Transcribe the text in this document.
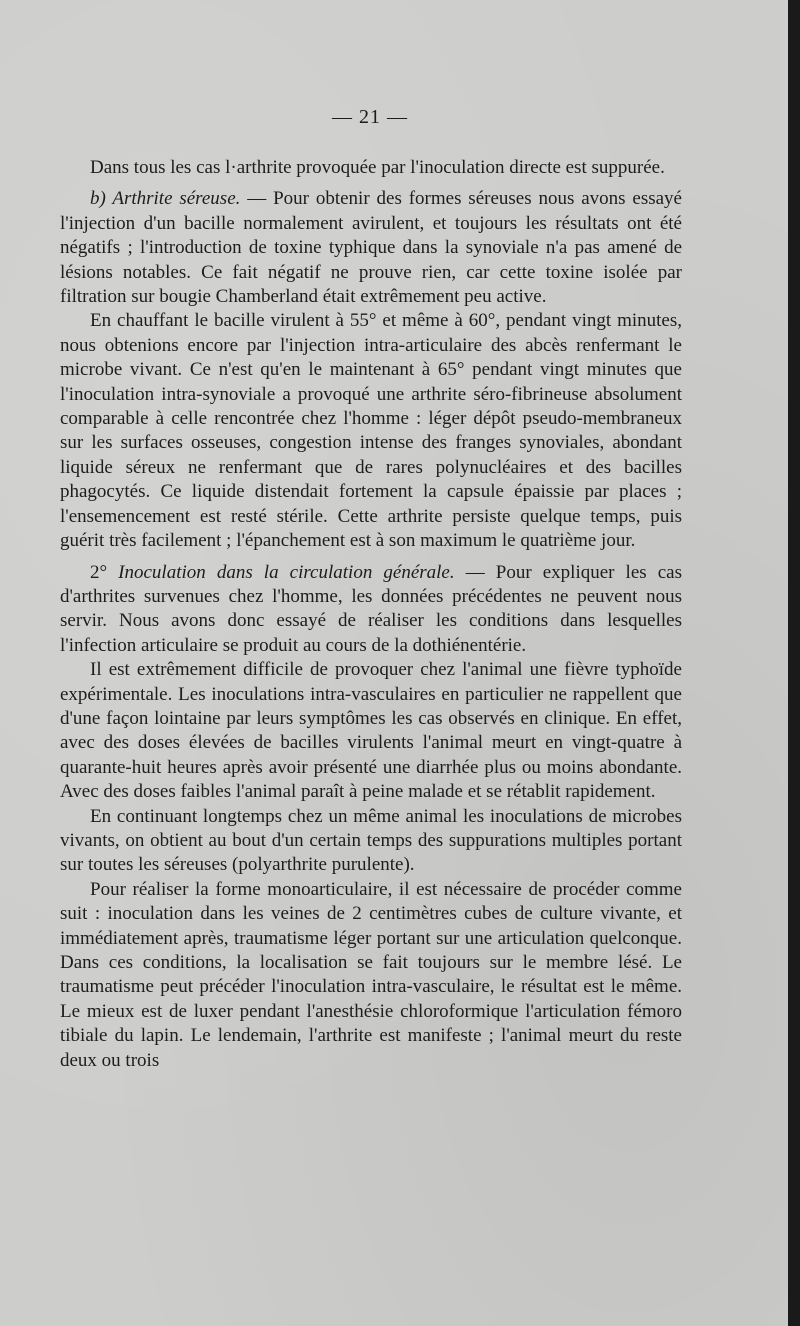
— 21 —

Dans tous les cas l·arthrite provoquée par l'inoculation directe est suppurée.

b) Arthrite séreuse. — Pour obtenir des formes séreuses nous avons essayé l'injection d'un bacille normalement avirulent, et toujours les résultats ont été négatifs ; l'introduction de toxine typhique dans la synoviale n'a pas amené de lésions notables. Ce fait négatif ne prouve rien, car cette toxine isolée par filtration sur bougie Chamberland était extrêmement peu active.

En chauffant le bacille virulent à 55° et même à 60°, pendant vingt minutes, nous obtenions encore par l'injection intra-articulaire des abcès renfermant le microbe vivant. Ce n'est qu'en le maintenant à 65° pendant vingt minutes que l'inoculation intra-synoviale a provoqué une arthrite séro-fibrineuse absolument comparable à celle rencontrée chez l'homme : léger dépôt pseudo-membraneux sur les surfaces osseuses, congestion intense des franges synoviales, abondant liquide séreux ne renfermant que de rares polynucléaires et des bacilles phagocytés. Ce liquide distendait fortement la capsule épaissie par places ; l'ensemencement est resté stérile. Cette arthrite persiste quelque temps, puis guérit très facilement ; l'épanchement est à son maximum le quatrième jour.

2° Inoculation dans la circulation générale. — Pour expliquer les cas d'arthrites survenues chez l'homme, les données précédentes ne peuvent nous servir. Nous avons donc essayé de réaliser les conditions dans lesquelles l'infection articulaire se produit au cours de la dothiénentérie.

Il est extrêmement difficile de provoquer chez l'animal une fièvre typhoïde expérimentale. Les inoculations intra-vasculaires en particulier ne rappellent que d'une façon lointaine par leurs symptômes les cas observés en clinique. En effet, avec des doses élevées de bacilles virulents l'animal meurt en vingt-quatre à quarante-huit heures après avoir présenté une diarrhée plus ou moins abondante. Avec des doses faibles l'animal paraît à peine malade et se rétablit rapidement.

En continuant longtemps chez un même animal les inoculations de microbes vivants, on obtient au bout d'un certain temps des suppurations multiples portant sur toutes les séreuses (polyarthrite purulente).

Pour réaliser la forme monoarticulaire, il est nécessaire de procéder comme suit : inoculation dans les veines de 2 centimètres cubes de culture vivante, et immédiatement après, traumatisme léger portant sur une articulation quelconque. Dans ces conditions, la localisation se fait toujours sur le membre lésé. Le traumatisme peut précéder l'inoculation intra-vasculaire, le résultat est le même. Le mieux est de luxer pendant l'anesthésie chloroformique l'articulation fémoro tibiale du lapin. Le lendemain, l'arthrite est manifeste ; l'animal meurt du reste deux ou trois
